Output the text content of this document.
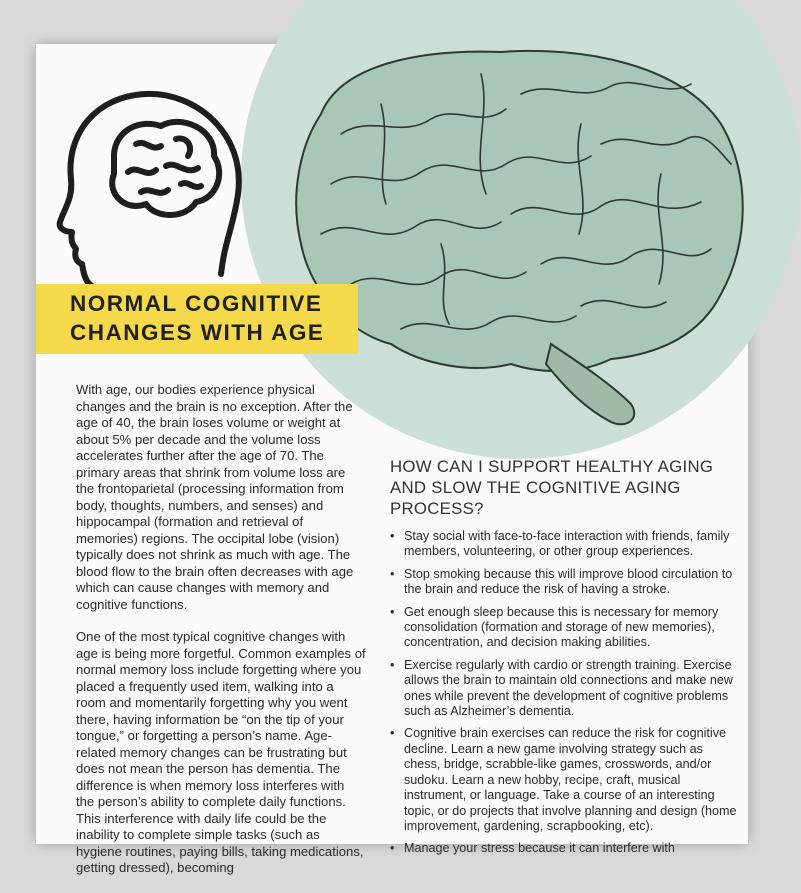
NORMAL COGNITIVE
CHANGES WITH AGE

With age, our bodies experience physical changes and the brain is no exception. After the age of 40, the brain loses volume or weight at about 5% per decade and the volume loss accelerates further after the age of 70. The primary areas that shrink from volume loss are the frontoparietal (processing information from body, thoughts, numbers, and senses) and hippocampal (formation and retrieval of memories) regions. The occipital lobe (vision) typically does not shrink as much with age. The blood flow to the brain often decreases with age which can cause changes with memory and cognitive functions.

One of the most typical cognitive changes with age is being more forgetful. Common examples of normal memory loss include forgetting where you placed a frequently used item, walking into a room and momentarily forgetting why you went there, having information be “on the tip of your tongue,” or forgetting a person’s name. Age-related memory changes can be frustrating but does not mean the person has dementia. The difference is when memory loss interferes with the person’s ability to complete daily functions. This interference with daily life could be the inability to complete simple tasks (such as hygiene routines, paying bills, taking medications, getting dressed), becoming

HOW CAN I SUPPORT HEALTHY AGING AND SLOW THE COGNITIVE AGING PROCESS?
• Stay social with face-to-face interaction with friends, family members, volunteering, or other group experiences.
• Stop smoking because this will improve blood circulation to the brain and reduce the risk of having a stroke.
• Get enough sleep because this is necessary for memory consolidation (formation and storage of new memories), concentration, and decision making abilities.
• Exercise regularly with cardio or strength training. Exercise allows the brain to maintain old connections and make new ones while prevent the development of cognitive problems such as Alzheimer’s dementia.
• Cognitive brain exercises can reduce the risk for cognitive decline. Learn a new game involving strategy such as chess, bridge, scrabble-like games, crosswords, and/or sudoku. Learn a new hobby, recipe, craft, musical instrument, or language. Take a course of an interesting topic, or do projects that involve planning and design (home improvement, gardening, scrapbooking, etc).
• Manage your stress because it can interfere with
